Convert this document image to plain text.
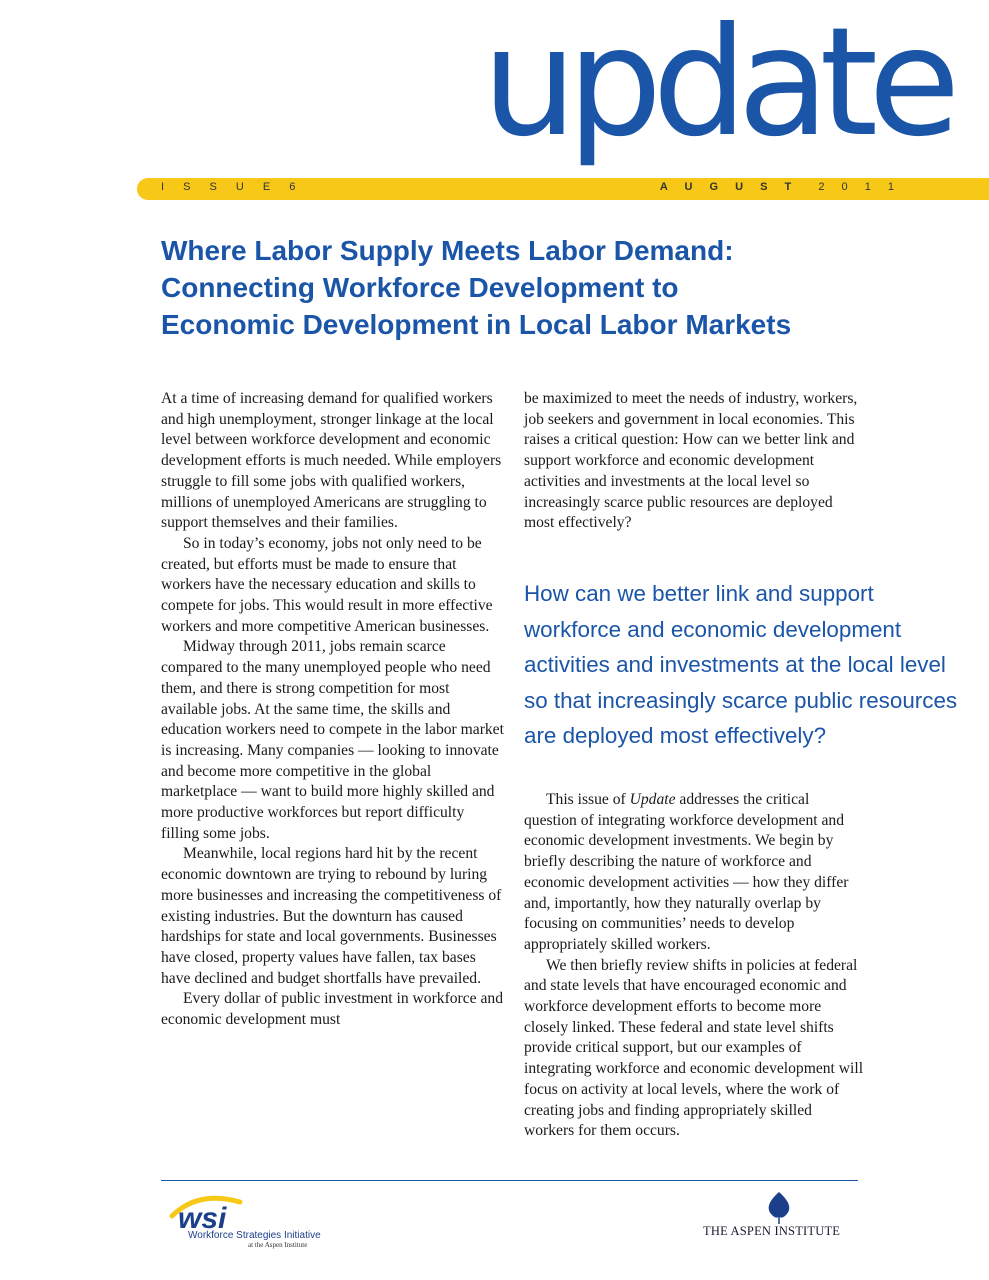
update
I S S U E 6	A U G U S T 2 0 1 1
Where Labor Supply Meets Labor Demand:
Connecting Workforce Development to
Economic Development in Local Labor Markets

At a time of increasing demand for qualified workers and high unemployment, stronger linkage at the local level between workforce development and economic development efforts is much needed. While employers struggle to fill some jobs with qualified workers, millions of unemployed Americans are struggling to support themselves and their families.

So in today’s economy, jobs not only need to be created, but efforts must be made to ensure that workers have the necessary education and skills to compete for jobs. This would result in more effective workers and more competitive American businesses.

Midway through 2011, jobs remain scarce compared to the many unemployed people who need them, and there is strong competition for most available jobs. At the same time, the skills and education workers need to compete in the labor market is increasing. Many companies — looking to innovate and become more competitive in the global marketplace — want to build more highly skilled and more productive workforces but report difficulty filling some jobs.

Meanwhile, local regions hard hit by the recent economic downtown are trying to rebound by luring more businesses and increasing the competitiveness of existing industries. But the downturn has caused hardships for state and local governments. Businesses have closed, property values have fallen, tax bases have declined and budget shortfalls have prevailed.

Every dollar of public investment in workforce and economic development must

be maximized to meet the needs of industry, workers, job seekers and government in local economies. This raises a critical question: How can we better link and support workforce and economic development activities and investments at the local level so increasingly scarce public resources are deployed most effectively?

How can we better link and support workforce and economic development activities and investments at the local level so that increasingly scarce public resources are deployed most effectively?

This issue of Update addresses the critical question of integrating workforce development and economic development investments. We begin by briefly describing the nature of workforce and economic development activities — how they differ and, importantly, how they naturally overlap by focusing on communities’ needs to develop appropriately skilled workers.

We then briefly review shifts in policies at federal and state levels that have encouraged economic and workforce development efforts to become more closely linked. These federal and state level shifts provide critical support, but our examples of integrating workforce and economic development will focus on activity at local levels, where the work of creating jobs and finding appropriately skilled workers for them occurs.

wsi
Workforce Strategies Initiative
at the Aspen Institute
THE ASPEN INSTITUTE
